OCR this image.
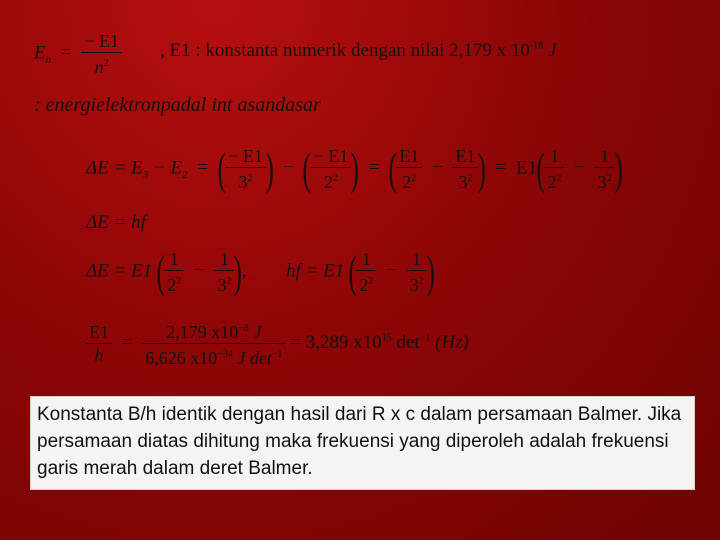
$E_n = \frac{- E1}{n^2}$ , E1 : konstanta numerik dengan nilai 2,179 x $10^{-18}$ J
: energielektronpadal int asandasar
$\Delta E = E_3 - E_2$ = ( $\frac{- E1}{3^2}$ ) − ( $\frac{- E1}{2^2}$ ) = ( $\frac{E1}{2^2} - \frac{E1}{3^2}$ ) = $E1( \frac{1}{2^2} - \frac{1}{3^2}$ )
ΔE = hf
ΔE = E1 ( $\frac{1}{2^2} - \frac{1}{3^2}$ ), hf = E1 ( $\frac{1}{2^2} - \frac{1}{3^2}$ )
$\frac{E1}{h} = \frac{2,179 x10^{-8} J}{6,626 x10^{-34} J \det^{-1}} = 3,289$ $x10^{15}$ $\det^{-1} (Hz)$
Konstanta B/h identik dengan hasil dari R x c dalam persamaan Balmer. Jika persamaan diatas dihitung maka frekuensi yang diperoleh adalah frekuensi garis merah dalam deret Balmer.
